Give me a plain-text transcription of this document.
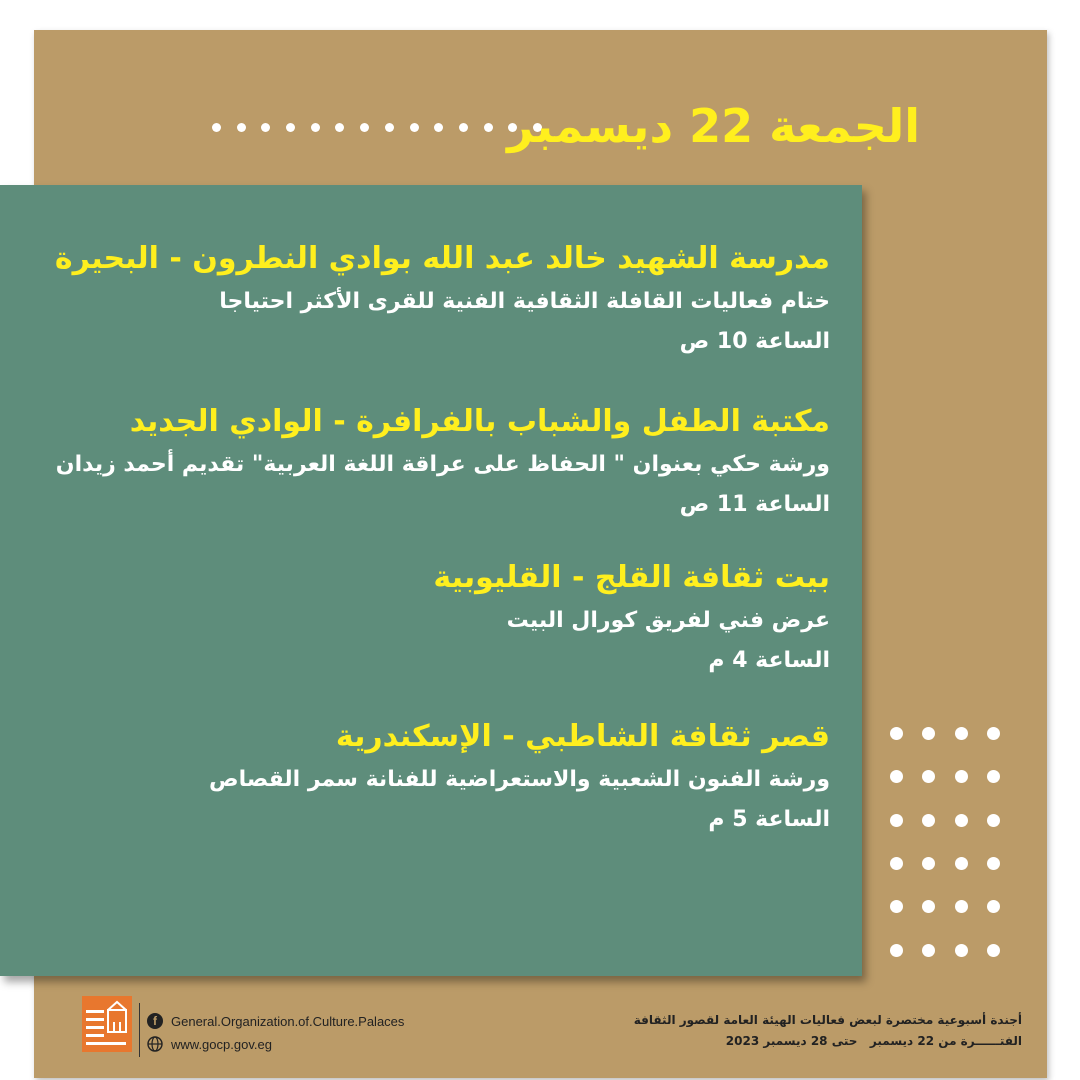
الجمعة 22 ديسمبر
مدرسة الشهيد خالد عبد الله بوادي النطرون - البحيرة
ختام فعاليات القافلة الثقافية الفنية للقرى الأكثر احتياجا
الساعة 10 ص
مكتبة الطفل والشباب بالفرافرة - الوادي الجديد
ورشة حكي بعنوان " الحفاظ على عراقة اللغة العربية" تقديم أحمد زيدان
الساعة 11 ص
بيت ثقافة القلج - القليوبية
عرض فني لفريق كورال البيت
الساعة 4 م
قصر ثقافة الشاطبي - الإسكندرية
ورشة الفنون الشعبية والاستعراضية للفنانة سمر القصاص
الساعة 5 م
f	General.Organization.of.Culture.Palaces
www.gocp.gov.eg
أجندة أسبوعية مختصرة لبعض فعاليات الهيئة العامة لقصور الثقافة
الفتــــــرة من 22 ديسمبر   حتى 28 ديسمبر 2023
